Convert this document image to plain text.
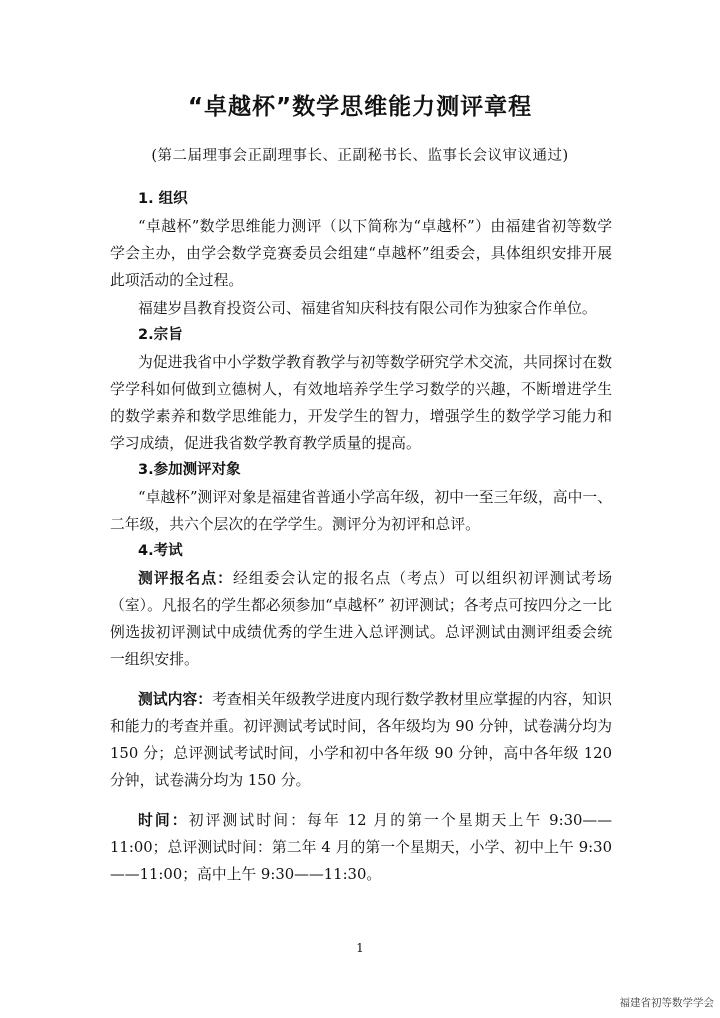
“卓越杯”数学思维能力测评章程
(第二届理事会正副理事长、正副秘书长、监事长会议审议通过)
1. 组织

“卓越杯”数学思维能力测评（以下简称为“卓越杯”）由福建省初等数学学会主办，由学会数学竞赛委员会组建“卓越杯”组委会，具体组织安排开展此项活动的全过程。

福建岁昌教育投资公司、福建省知庆科技有限公司作为独家合作单位。

2.宗旨

为促进我省中小学数学教育教学与初等数学研究学术交流，共同探讨在数学学科如何做到立德树人，有效地培养学生学习数学的兴趣，不断增进学生的数学素养和数学思维能力，开发学生的智力，增强学生的数学学习能力和学习成绩，促进我省数学教育教学质量的提高。

3.参加测评对象

“卓越杯”测评对象是福建省普通小学高年级，初中一至三年级，高中一、二年级，共六个层次的在学学生。测评分为初评和总评。

4.考试

测评报名点：经组委会认定的报名点（考点）可以组织初评测试考场（室）。凡报名的学生都必须参加“卓越杯” 初评测试；各考点可按四分之一比例选拔初评测试中成绩优秀的学生进入总评测试。总评测试由测评组委会统一组织安排。

测试内容：考查相关年级教学进度内现行数学教材里应掌握的内容，知识和能力的考查并重。初评测试考试时间，各年级均为 90 分钟，试卷满分均为 150 分；总评测试考试时间，小学和初中各年级 90 分钟，高中各年级 120 分钟，试卷满分均为 150 分。

时间：初评测试时间：每年 12 月的第一个星期天上午 9:30——11:00；总评测试时间：第二年 4 月的第一个星期天，小学、初中上午 9:30——11:00；高中上午 9:30——11:30。

1
福建省初等数学学会
